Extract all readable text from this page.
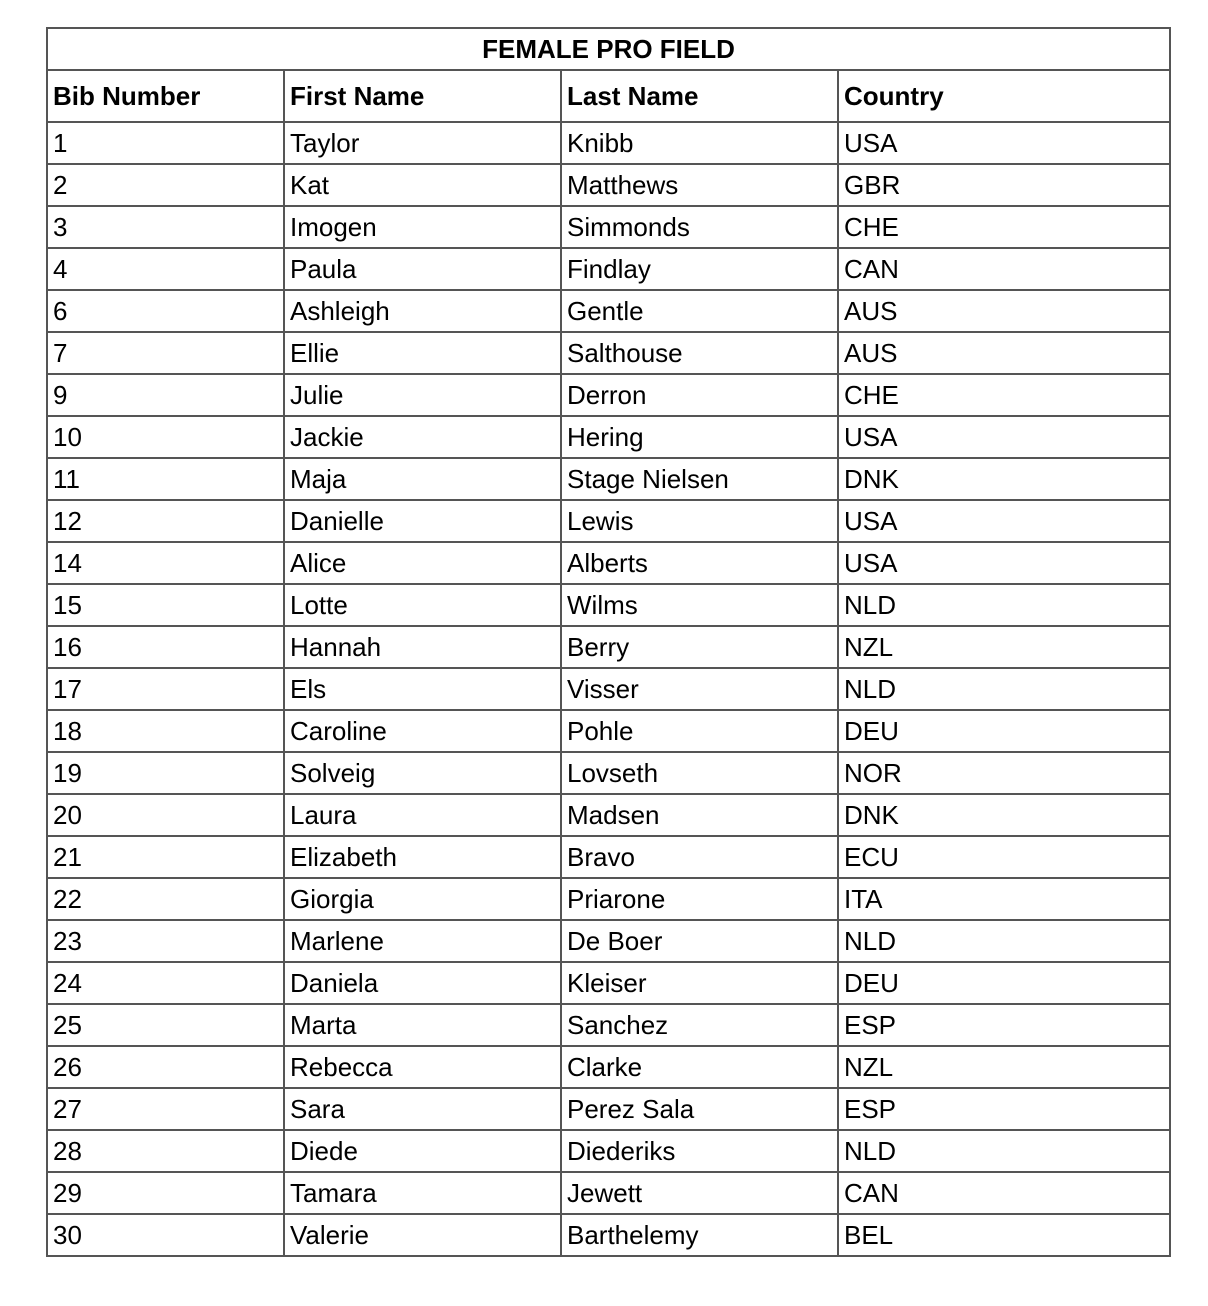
FEMALE PRO FIELD			
Bib Number	First Name	Last Name	Country
1	Taylor	Knibb	USA
2	Kat	Matthews	GBR
3	Imogen	Simmonds	CHE
4	Paula	Findlay	CAN
6	Ashleigh	Gentle	AUS
7	Ellie	Salthouse	AUS
9	Julie	Derron	CHE
10	Jackie	Hering	USA
11	Maja	Stage Nielsen	DNK
12	Danielle	Lewis	USA
14	Alice	Alberts	USA
15	Lotte	Wilms	NLD
16	Hannah	Berry	NZL
17	Els	Visser	NLD
18	Caroline	Pohle	DEU
19	Solveig	Lovseth	NOR
20	Laura	Madsen	DNK
21	Elizabeth	Bravo	ECU
22	Giorgia	Priarone	ITA
23	Marlene	De Boer	NLD
24	Daniela	Kleiser	DEU
25	Marta	Sanchez	ESP
26	Rebecca	Clarke	NZL
27	Sara	Perez Sala	ESP
28	Diede	Diederiks	NLD
29	Tamara	Jewett	CAN
30	Valerie	Barthelemy	BEL
